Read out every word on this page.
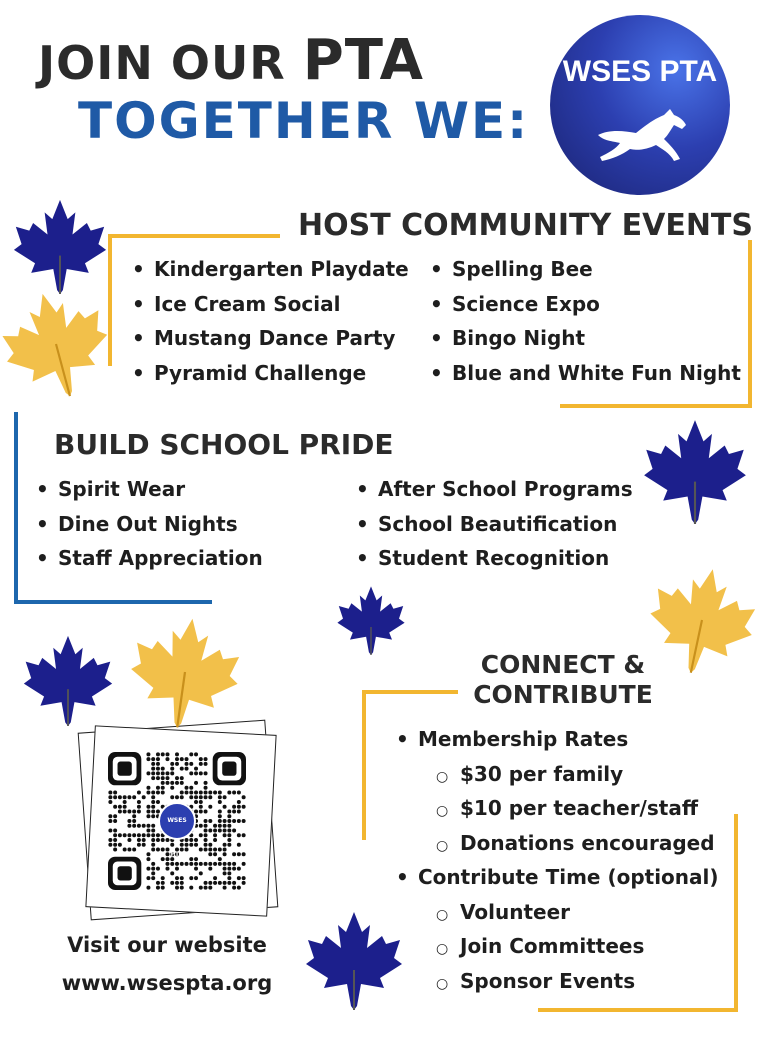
JOIN OUR PTA
TOGETHER WE:
WSES PTA
HOST COMMUNITY EVENTS
• Kindergarten Playdate
• Ice Cream Social
• Mustang Dance Party
• Pyramid Challenge
• Spelling Bee
• Science Expo
• Bingo Night
• Blue and White Fun Night
BUILD SCHOOL PRIDE
• Spirit Wear
• Dine Out Nights
• Staff Appreciation
• After School Programs
• School Beautification
• Student Recognition
CONNECT &
CONTRIBUTE
• Membership Rates
○ $30 per family
○ $10 per teacher/staff
○ Donations encouraged
• Contribute Time (optional)
○ Volunteer
○ Join Committees
○ Sponsor Events
WSES PTA
Visit our website
www.wsespta.org
